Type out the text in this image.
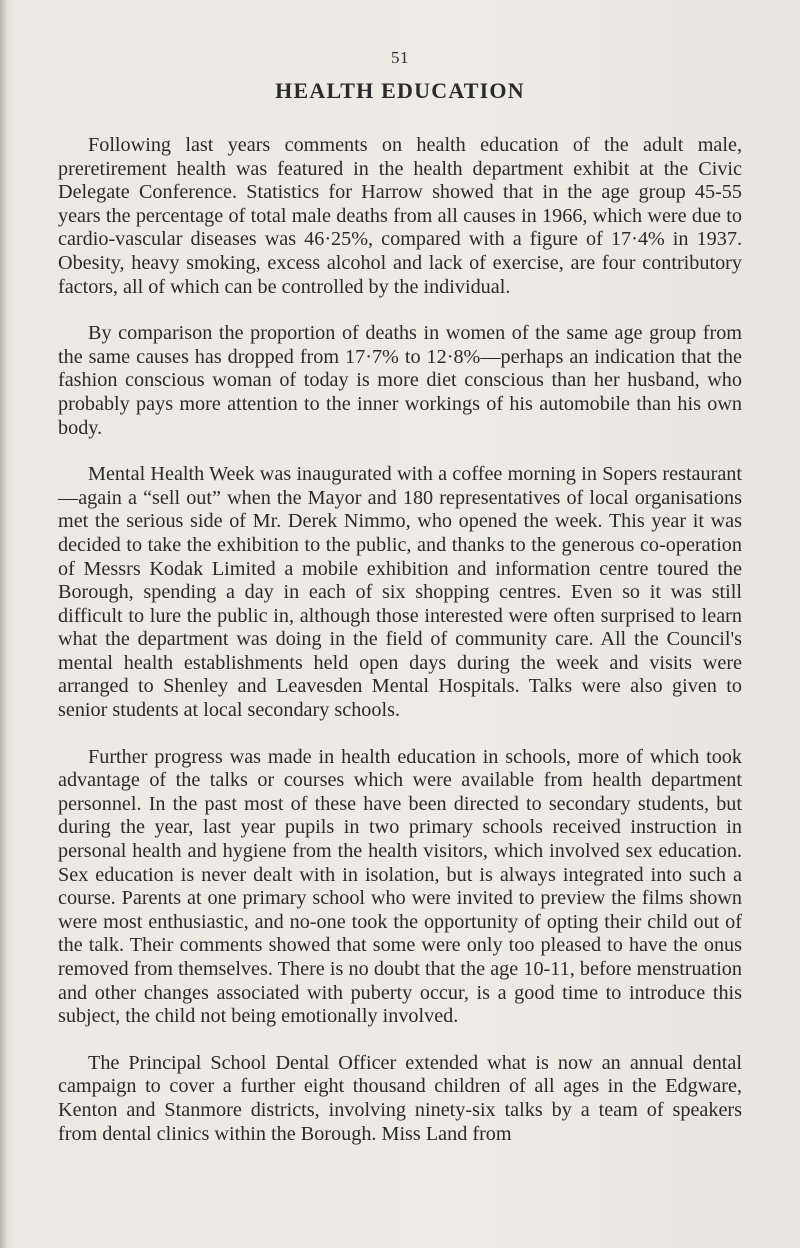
51
HEALTH EDUCATION

Following last years comments on health education of the adult male, preretirement health was featured in the health department exhibit at the Civic Delegate Conference. Statistics for Harrow showed that in the age group 45-55 years the percentage of total male deaths from all causes in 1966, which were due to cardio-vascular diseases was 46·25%, compared with a figure of 17·4% in 1937. Obesity, heavy smoking, excess alcohol and lack of exercise, are four contributory factors, all of which can be controlled by the individual.

By comparison the proportion of deaths in women of the same age group from the same causes has dropped from 17·7% to 12·8%—perhaps an indication that the fashion conscious woman of today is more diet conscious than her husband, who probably pays more attention to the inner workings of his automobile than his own body.

Mental Health Week was inaugurated with a coffee morning in Sopers restaurant—again a “sell out” when the Mayor and 180 representatives of local organisations met the serious side of Mr. Derek Nimmo, who opened the week. This year it was decided to take the exhibition to the public, and thanks to the generous co-operation of Messrs Kodak Limited a mobile exhibition and information centre toured the Borough, spending a day in each of six shopping centres. Even so it was still difficult to lure the public in, although those interested were often surprised to learn what the department was doing in the field of community care. All the Council's mental health establishments held open days during the week and visits were arranged to Shenley and Leavesden Mental Hospitals. Talks were also given to senior students at local secondary schools.

Further progress was made in health education in schools, more of which took advantage of the talks or courses which were available from health department personnel. In the past most of these have been directed to secondary students, but during the year, last year pupils in two primary schools received instruction in personal health and hygiene from the health visitors, which involved sex education. Sex education is never dealt with in isolation, but is always integrated into such a course. Parents at one primary school who were invited to preview the films shown were most enthusiastic, and no-one took the opportunity of opting their child out of the talk. Their comments showed that some were only too pleased to have the onus removed from themselves. There is no doubt that the age 10-11, before menstruation and other changes associated with puberty occur, is a good time to introduce this subject, the child not being emotionally involved.

The Principal School Dental Officer extended what is now an annual dental campaign to cover a further eight thousand children of all ages in the Edgware, Kenton and Stanmore districts, involving ninety-six talks by a team of speakers from dental clinics within the Borough. Miss Land from
